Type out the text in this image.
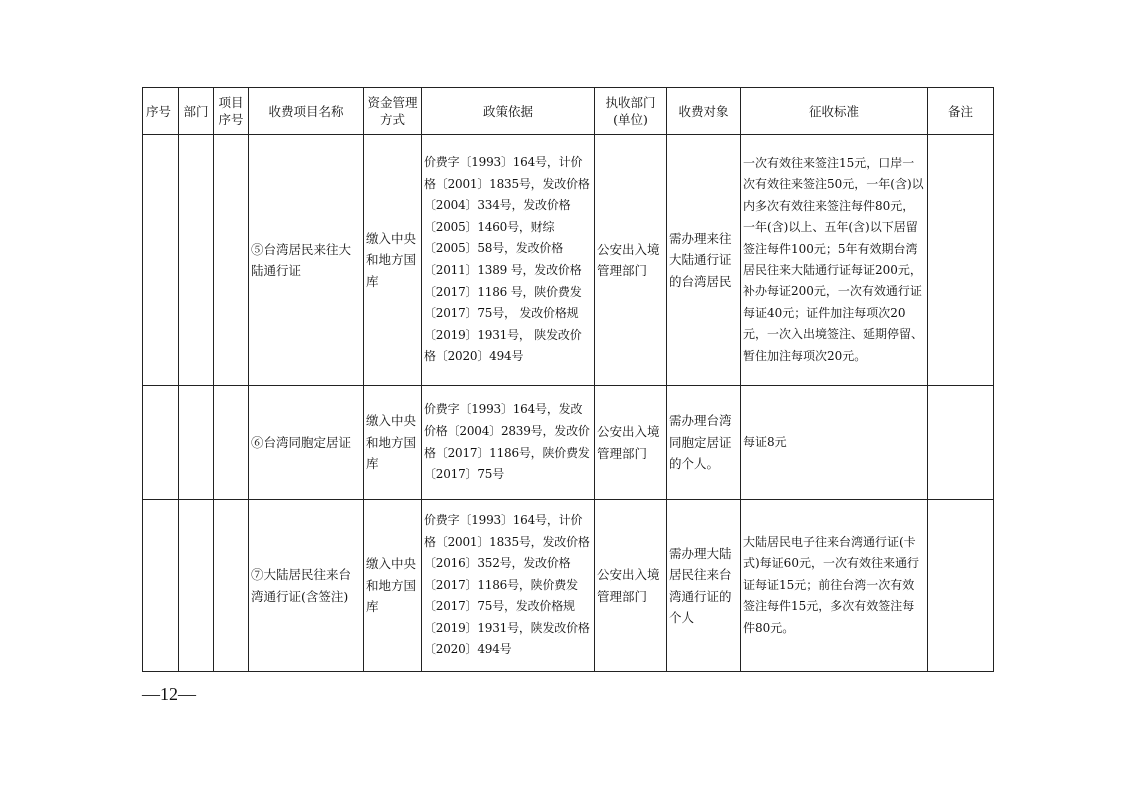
序号	部门	项目序号	收费项目名称	资金管理方式	政策依据	执收部门(单位)	收费对象	征收标准	备注
			⑤台湾居民来往大陆通行证	缴入中央和地方国库	价费字〔1993〕164号，计价格〔2001〕1835号，发改价格〔2004〕334号，发改价格〔2005〕1460号，财综〔2005〕58号，发改价格〔2011〕1389 号，发改价格〔2017〕1186 号，陕价费发〔2017〕75号， 发改价格规〔2019〕1931号， 陕发改价格〔2020〕494号	公安出入境管理部门	需办理来往大陆通行证的台湾居民	一次有效往来签注15元，口岸一次有效往来签注50元，一年(含)以内多次有效往来签注每件80元，一年(含)以上、五年(含)以下居留签注每件100元；5年有效期台湾居民往来大陆通行证每证200元，补办每证200元，一次有效通行证每证40元；证件加注每项次20元，一次入出境签注、延期停留、暂住加注每项次20元。	
			⑥台湾同胞定居证	缴入中央和地方国库	价费字〔1993〕164号，发改价格〔2004〕2839号，发改价格〔2017〕1186号，陕价费发〔2017〕75号	公安出入境管理部门	需办理台湾同胞定居证的个人。	每证8元	
			⑦大陆居民往来台湾通行证(含签注)	缴入中央和地方国库	价费字〔1993〕164号，计价格〔2001〕1835号，发改价格〔2016〕352号，发改价格〔2017〕1186号，陕价费发〔2017〕75号，发改价格规〔2019〕1931号，陕发改价格〔2020〕494号	公安出入境管理部门	需办理大陆居民往来台湾通行证的个人	大陆居民电子往来台湾通行证(卡式)每证60元，一次有效往来通行证每证15元；前往台湾一次有效签注每件15元，多次有效签注每件80元。	
—12—
